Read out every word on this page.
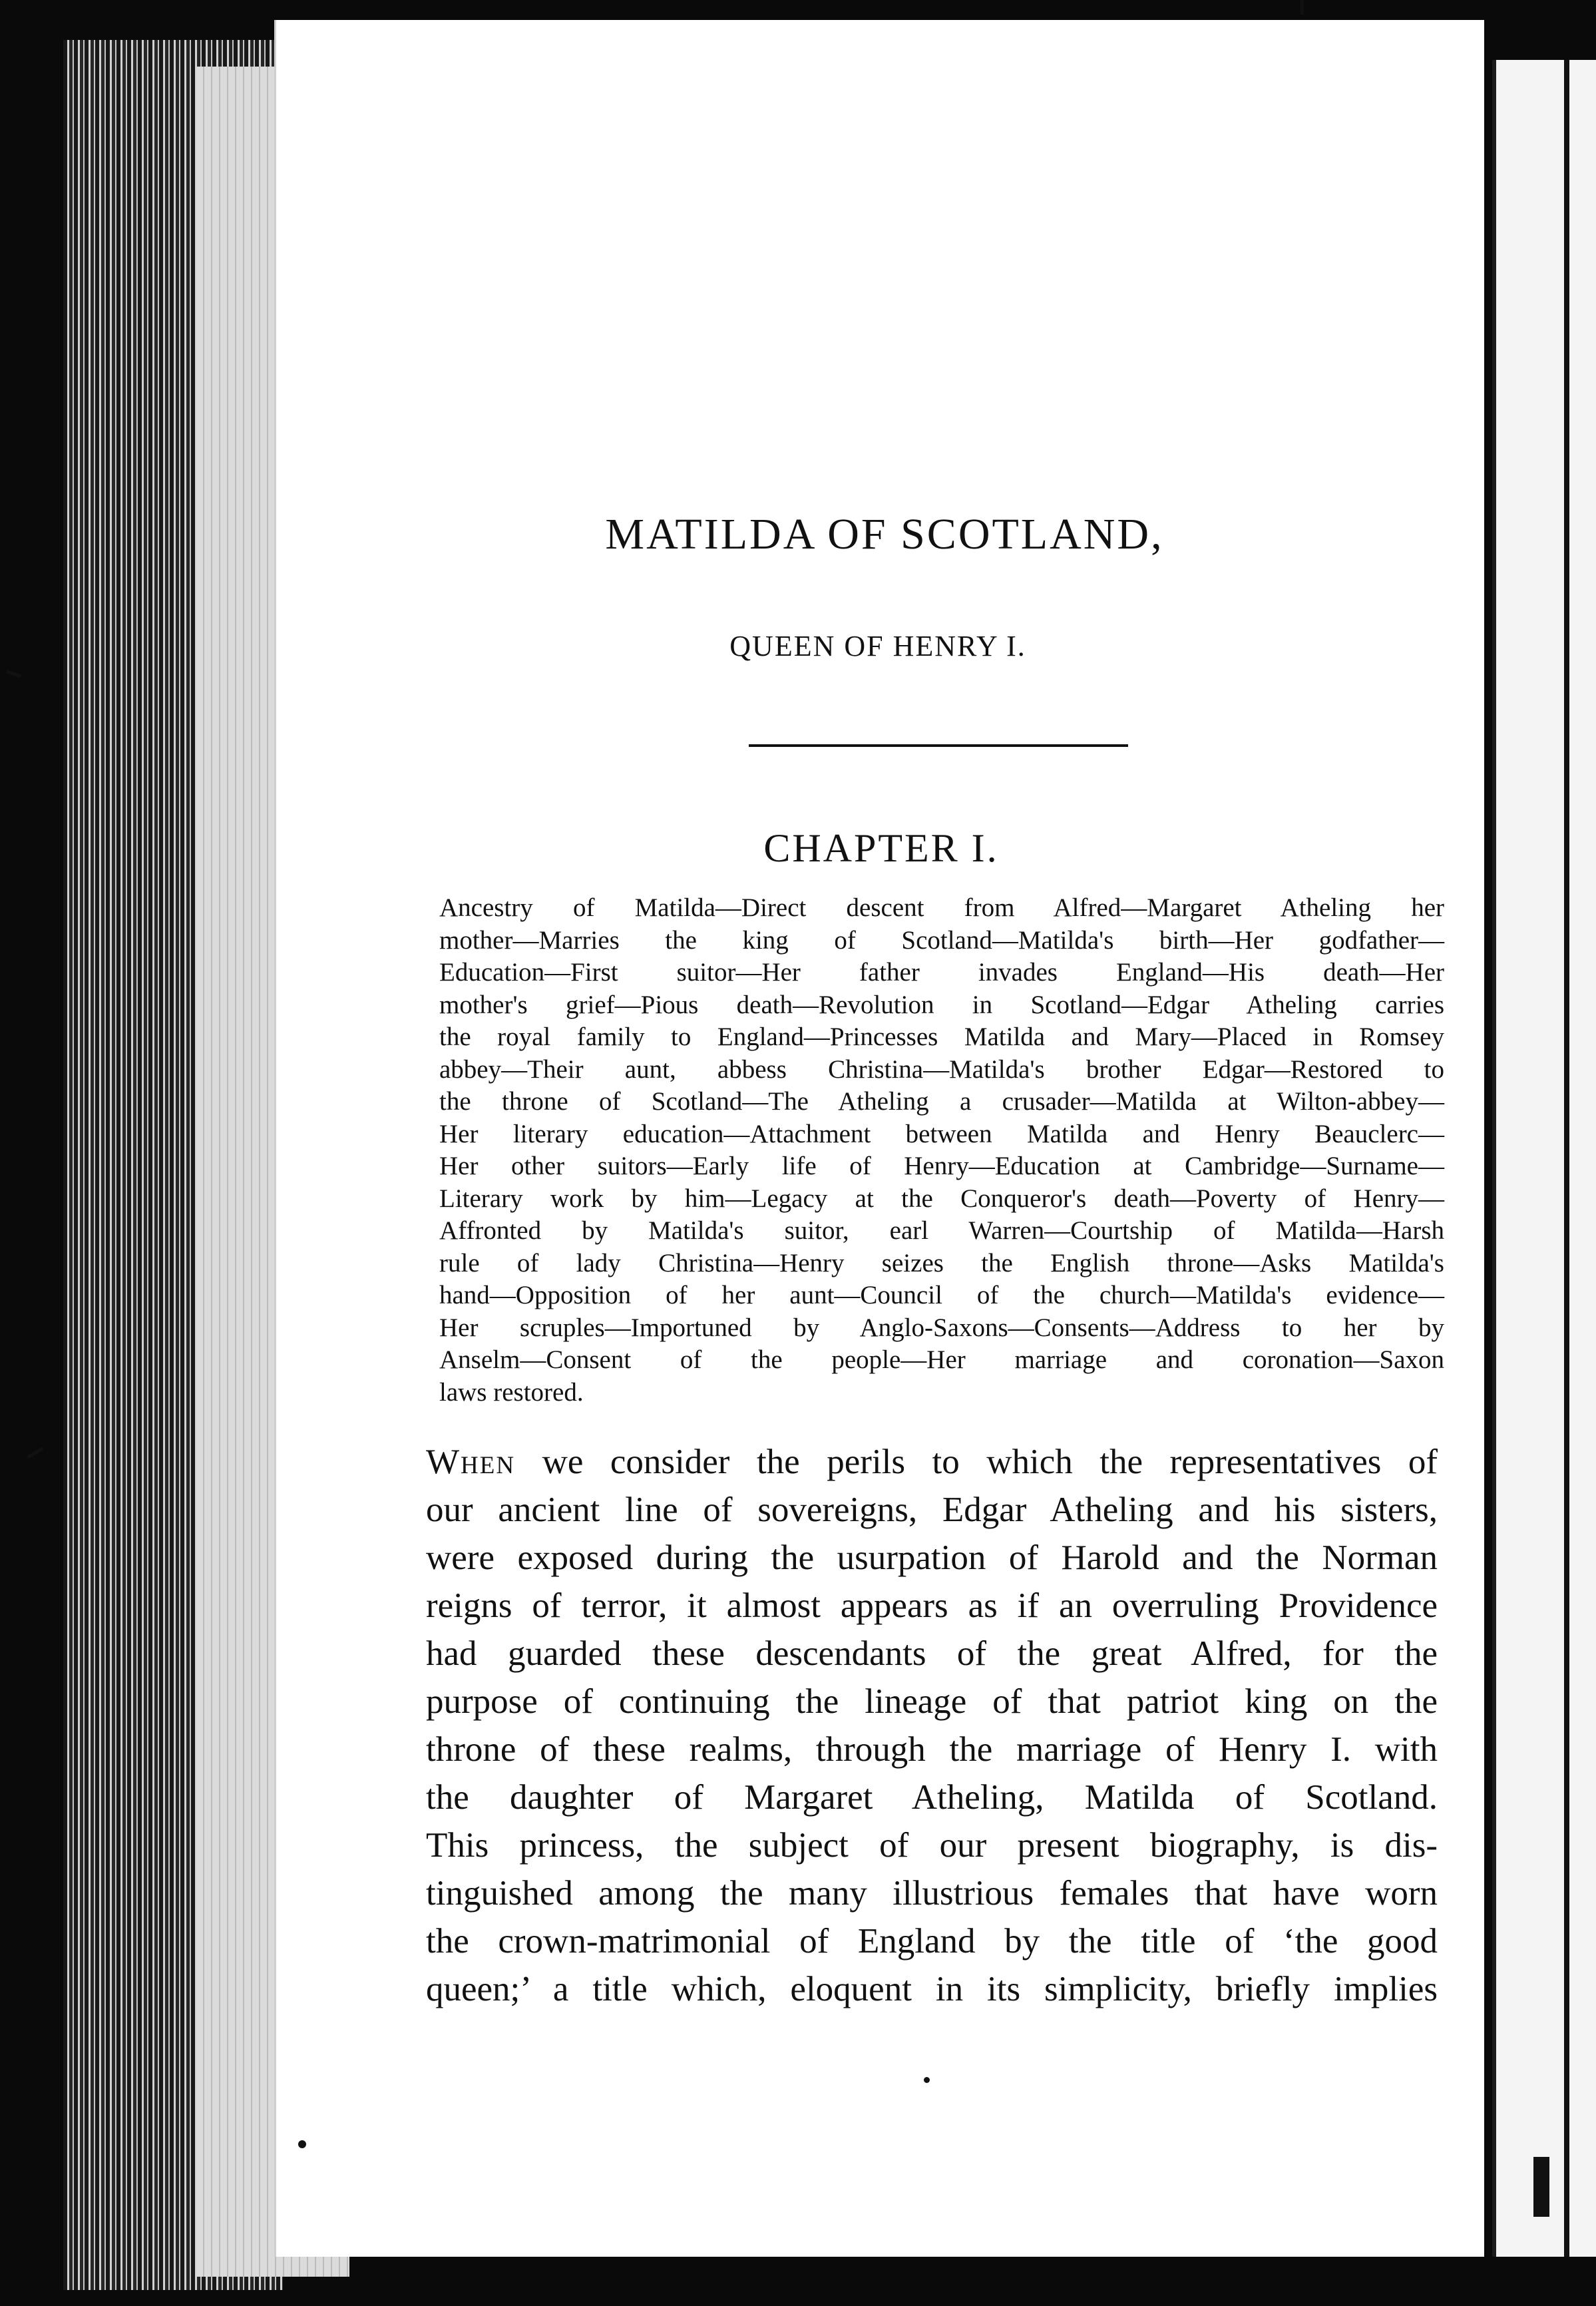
MATILDA OF SCOTLAND,
QUEEN OF HENRY I.
CHAPTER I.
Ancestry of Matilda—Direct descent from Alfred—Margaret Atheling her
mother—Marries the king of Scotland—Matilda's birth—Her godfather—
Education—First suitor—Her father invades England—His death—Her
mother's grief—Pious death—Revolution in Scotland—Edgar Atheling carries
the royal family to England—Princesses Matilda and Mary—Placed in Romsey
abbey—Their aunt, abbess Christina—Matilda's brother Edgar—Restored to
the throne of Scotland—The Atheling a crusader—Matilda at Wilton-abbey—
Her literary education—Attachment between Matilda and Henry Beauclerc—
Her other suitors—Early life of Henry—Education at Cambridge—Surname—
Literary work by him—Legacy at the Conqueror's death—Poverty of Henry—
Affronted by Matilda's suitor, earl Warren—Courtship of Matilda—Harsh
rule of lady Christina—Henry seizes the English throne—Asks Matilda's
hand—Opposition of her aunt—Council of the church—Matilda's evidence—
Her scruples—Importuned by Anglo-Saxons—Consents—Address to her by
Anselm—Consent of the people—Her marriage and coronation—Saxon
laws restored.
When we consider the perils to which the representatives of
our ancient line of sovereigns, Edgar Atheling and his sisters,
were exposed during the usurpation of Harold and the Norman
reigns of terror, it almost appears as if an overruling Providence
had guarded these descendants of the great Alfred, for the
purpose of continuing the lineage of that patriot king on the
throne of these realms, through the marriage of Henry I. with
the daughter of Margaret Atheling, Matilda of Scotland.
This princess, the subject of our present biography, is dis-
tinguished among the many illustrious females that have worn
the crown-matrimonial of England by the title of ‘the good
queen;’ a title which, eloquent in its simplicity, briefly implies
